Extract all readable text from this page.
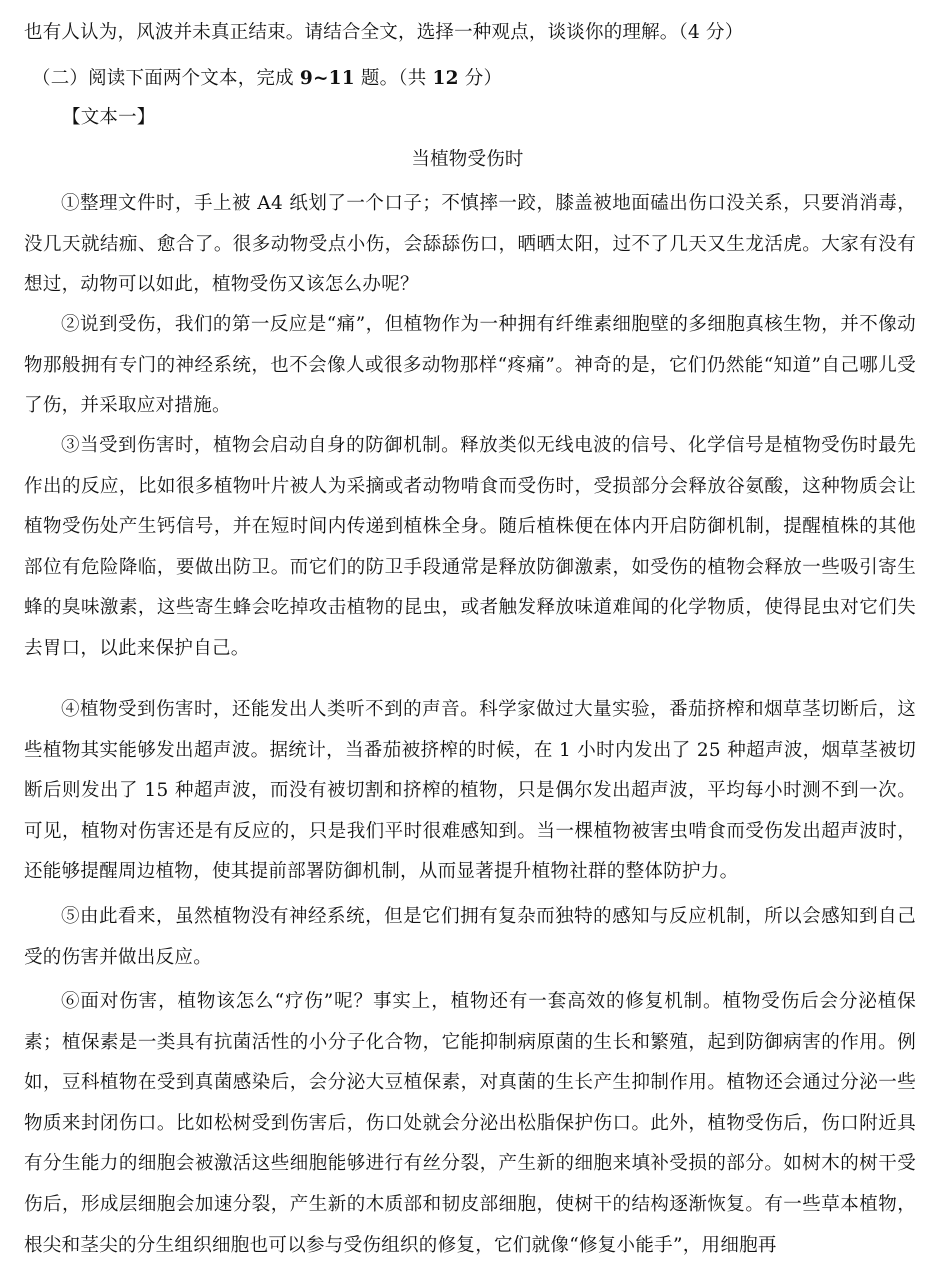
也有人认为，风波并未真正结束。请结合全文，选择一种观点，谈谈你的理解。（4 分）
（二）阅读下面两个文本，完成 9~11 题。（共 12 分）
【文本一】
当植物受伤时

①整理文件时，手上被 A4 纸划了一个口子；不慎摔一跤，膝盖被地面磕出伤口没关系，只要消消毒，没几天就结痂、愈合了。很多动物受点小伤，会舔舔伤口，晒晒太阳，过不了几天又生龙活虎。大家有没有想过，动物可以如此，植物受伤又该怎么办呢？

②说到受伤，我们的第一反应是“痛”，但植物作为一种拥有纤维素细胞壁的多细胞真核生物，并不像动物那般拥有专门的神经系统，也不会像人或很多动物那样“疼痛”。神奇的是，它们仍然能“知道”自己哪儿受了伤，并采取应对措施。

③当受到伤害时，植物会启动自身的防御机制。释放类似无线电波的信号、化学信号是植物受伤时最先作出的反应，比如很多植物叶片被人为采摘或者动物啃食而受伤时，受损部分会释放谷氨酸，这种物质会让植物受伤处产生钙信号，并在短时间内传递到植株全身。随后植株便在体内开启防御机制，提醒植株的其他部位有危险降临，要做出防卫。而它们的防卫手段通常是释放防御激素，如受伤的植物会释放一些吸引寄生蜂的臭味激素，这些寄生蜂会吃掉攻击植物的昆虫，或者触发释放味道难闻的化学物质，使得昆虫对它们失去胃口，以此来保护自己。

④植物受到伤害时，还能发出人类听不到的声音。科学家做过大量实验，番茄挤榨和烟草茎切断后，这些植物其实能够发出超声波。据统计，当番茄被挤榨的时候，在 1 小时内发出了 25 种超声波，烟草茎被切断后则发出了 15 种超声波，而没有被切割和挤榨的植物，只是偶尔发出超声波，平均每小时测不到一次。可见，植物对伤害还是有反应的，只是我们平时很难感知到。当一棵植物被害虫啃食而受伤发出超声波时，还能够提醒周边植物，使其提前部署防御机制，从而显著提升植物社群的整体防护力。

⑤由此看来，虽然植物没有神经系统，但是它们拥有复杂而独特的感知与反应机制，所以会感知到自己受的伤害并做出反应。

⑥面对伤害，植物该怎么“疗伤”呢？事实上，植物还有一套高效的修复机制。植物受伤后会分泌植保素；植保素是一类具有抗菌活性的小分子化合物，它能抑制病原菌的生长和繁殖，起到防御病害的作用。例如，豆科植物在受到真菌感染后，会分泌大豆植保素，对真菌的生长产生抑制作用。植物还会通过分泌一些物质来封闭伤口。比如松树受到伤害后，伤口处就会分泌出松脂保护伤口。此外，植物受伤后，伤口附近具有分生能力的细胞会被激活这些细胞能够进行有丝分裂，产生新的细胞来填补受损的部分。如树木的树干受伤后，形成层细胞会加速分裂，产生新的木质部和韧皮部细胞，使树干的结构逐渐恢复。有一些草本植物，根尖和茎尖的分生组织细胞也可以参与受伤组织的修复，它们就像“修复小能手”，用细胞再
